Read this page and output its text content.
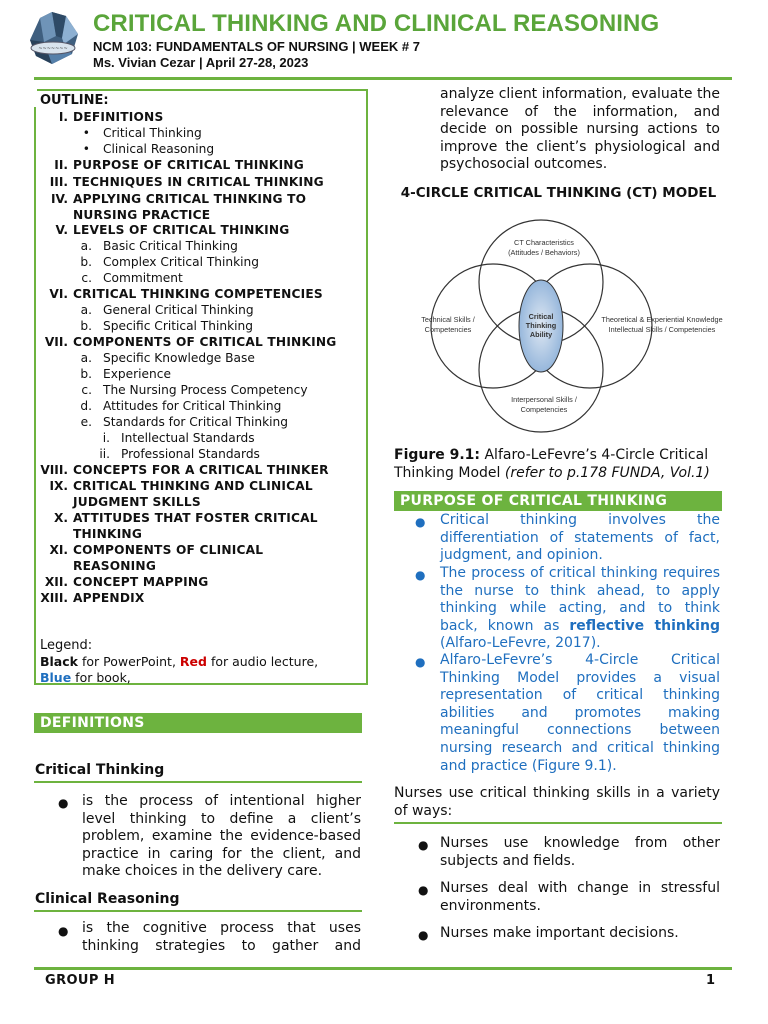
~~~~~~~
CRITICAL THINKING AND CLINICAL REASONING
NCM 103: FUNDAMENTALS OF NURSING | WEEK # 7
Ms. Vivian Cezar | April 27-28, 2023
OUTLINE:
I. DEFINITIONS
• Critical Thinking
• Clinical Reasoning
II. PURPOSE OF CRITICAL THINKING
III. TECHNIQUES IN CRITICAL THINKING
IV. APPLYING CRITICAL THINKING TO
NURSING PRACTICE
V. LEVELS OF CRITICAL THINKING
a. Basic Critical Thinking
b. Complex Critical Thinking
c. Commitment
VI. CRITICAL THINKING COMPETENCIES
a. General Critical Thinking
b. Specific Critical Thinking
VII. COMPONENTS OF CRITICAL THINKING
a. Specific Knowledge Base
b. Experience
c. The Nursing Process Competency
d. Attitudes for Critical Thinking
e. Standards for Critical Thinking
i. Intellectual Standards
ii. Professional Standards
VIII. CONCEPTS FOR A CRITICAL THINKER
IX. CRITICAL THINKING AND CLINICAL
JUDGMENT SKILLS
X. ATTITUDES THAT FOSTER CRITICAL
THINKING
XI. COMPONENTS OF CLINICAL
REASONING
XII. CONCEPT MAPPING
XIII. APPENDIX
Legend:
Black for PowerPoint, Red for audio lecture,
Blue for book,
DEFINITIONS
Critical Thinking
● is the process of intentional higher level thinking to define a client’s problem, examine the evidence-based practice in caring for the client, and make choices in the delivery care.
Clinical Reasoning
● is the cognitive process that uses thinking strategies to gather and
analyze client information, evaluate the relevance of the information, and decide on possible nursing actions to improve the client’s physiological and psychosocial outcomes.
4-CIRCLE CRITICAL THINKING (CT) MODEL
CT Characteristics
(Attitudes / Behaviors)
Technical Skills /
Competencies
Theoretical & Experiential Knowledge
Intellectual Skills / Competencies
Interpersonal Skills /
Competencies
Critical
Thinking
Ability
Figure 9.1: Alfaro-LeFevre’s 4-Circle Critical Thinking Model (refer to p.178 FUNDA, Vol.1)
PURPOSE OF CRITICAL THINKING
● Critical thinking involves the differentiation of statements of fact, judgment, and opinion.
● The process of critical thinking requires the nurse to think ahead, to apply thinking while acting, and to think back, known as reflective thinking (Alfaro-LeFevre, 2017).
● Alfaro-LeFevre’s 4-Circle Critical Thinking Model provides a visual representation of critical thinking abilities and promotes making meaningful connections between nursing research and critical thinking and practice (Figure 9.1).
Nurses use critical thinking skills in a variety of ways:
● Nurses use knowledge from other subjects and fields.
● Nurses deal with change in stressful environments.
● Nurses make important decisions.
GROUP H	1
